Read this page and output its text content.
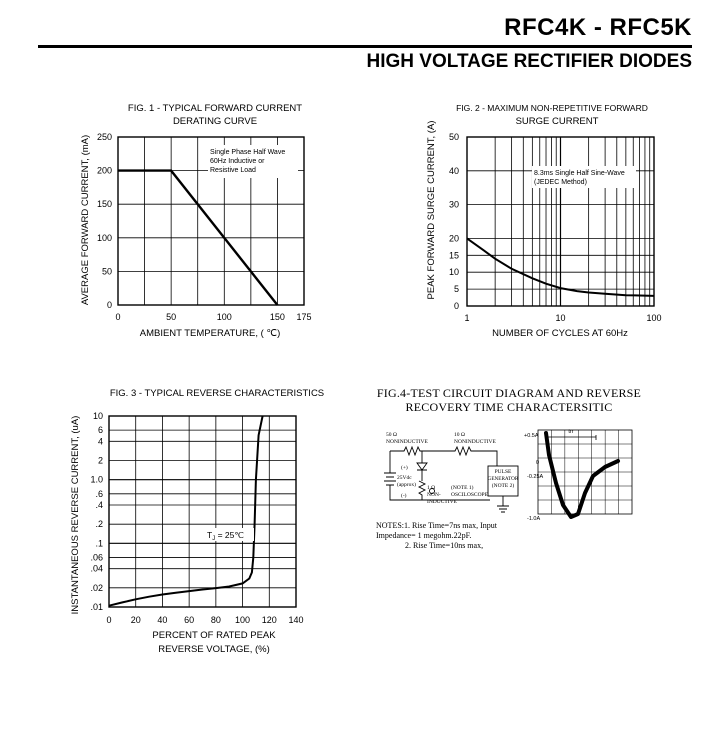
RFC4K - RFC5K
HIGH VOLTAGE RECTIFIER DIODES
FIG. 1 - TYPICAL FORWARD CURRENT
DERATING CURVE
0	50	100	150 175
0
50
100
150
200
250
Single Phase Half Wave
60Hz Inductive or
Resistive Load
AMBIENT TEMPERATURE, ( ℃)
AVERAGE FORWARD CURRENT, (mA)
FIG. 2 - MAXIMUM NON-REPETITIVE FORWARD
SURGE CURRENT
1	10	100
0
5
10
15
20
30
40
50
8.3ms Single Half Sine-Wave
(JEDEC Method)
NUMBER OF CYCLES AT 60Hz
PEAK FORWARD SURGE CURRENT, (A)
FIG. 3 - TYPICAL REVERSE CHARACTERISTICS
0 20 40 60 80 100 120 140
10
6
4
2
1.0
.6
.4
.2
.1
.06
.04
.02
.01
$T_J$ = 25℃
PERCENT OF RATED PEAK
REVERSE VOLTAGE, (%)
INSTANTANEOUS REVERSE CURRENT, (uA)
FIG.4-TEST CIRCUIT DIAGRAM AND REVERSE
RECOVERY TIME CHARACTERSITIC
50 Ω
NONINDUCTIVE
10 Ω
NONINDUCTIVE
(+)
(-)
25Vdc
(approx) 1 Ω
NON-
INDUCTIVE
(NOTE 1)
OSCILOSCOPE
PULSE
GENERATOR
(NOTE 2)
trr
+0.5A
0
-0.25A
-1.0A
NOTES:1. Rise Time=7ns max, Input
Impedance= 1 megohm.22pF.
2. Rise Time=10ns max,
